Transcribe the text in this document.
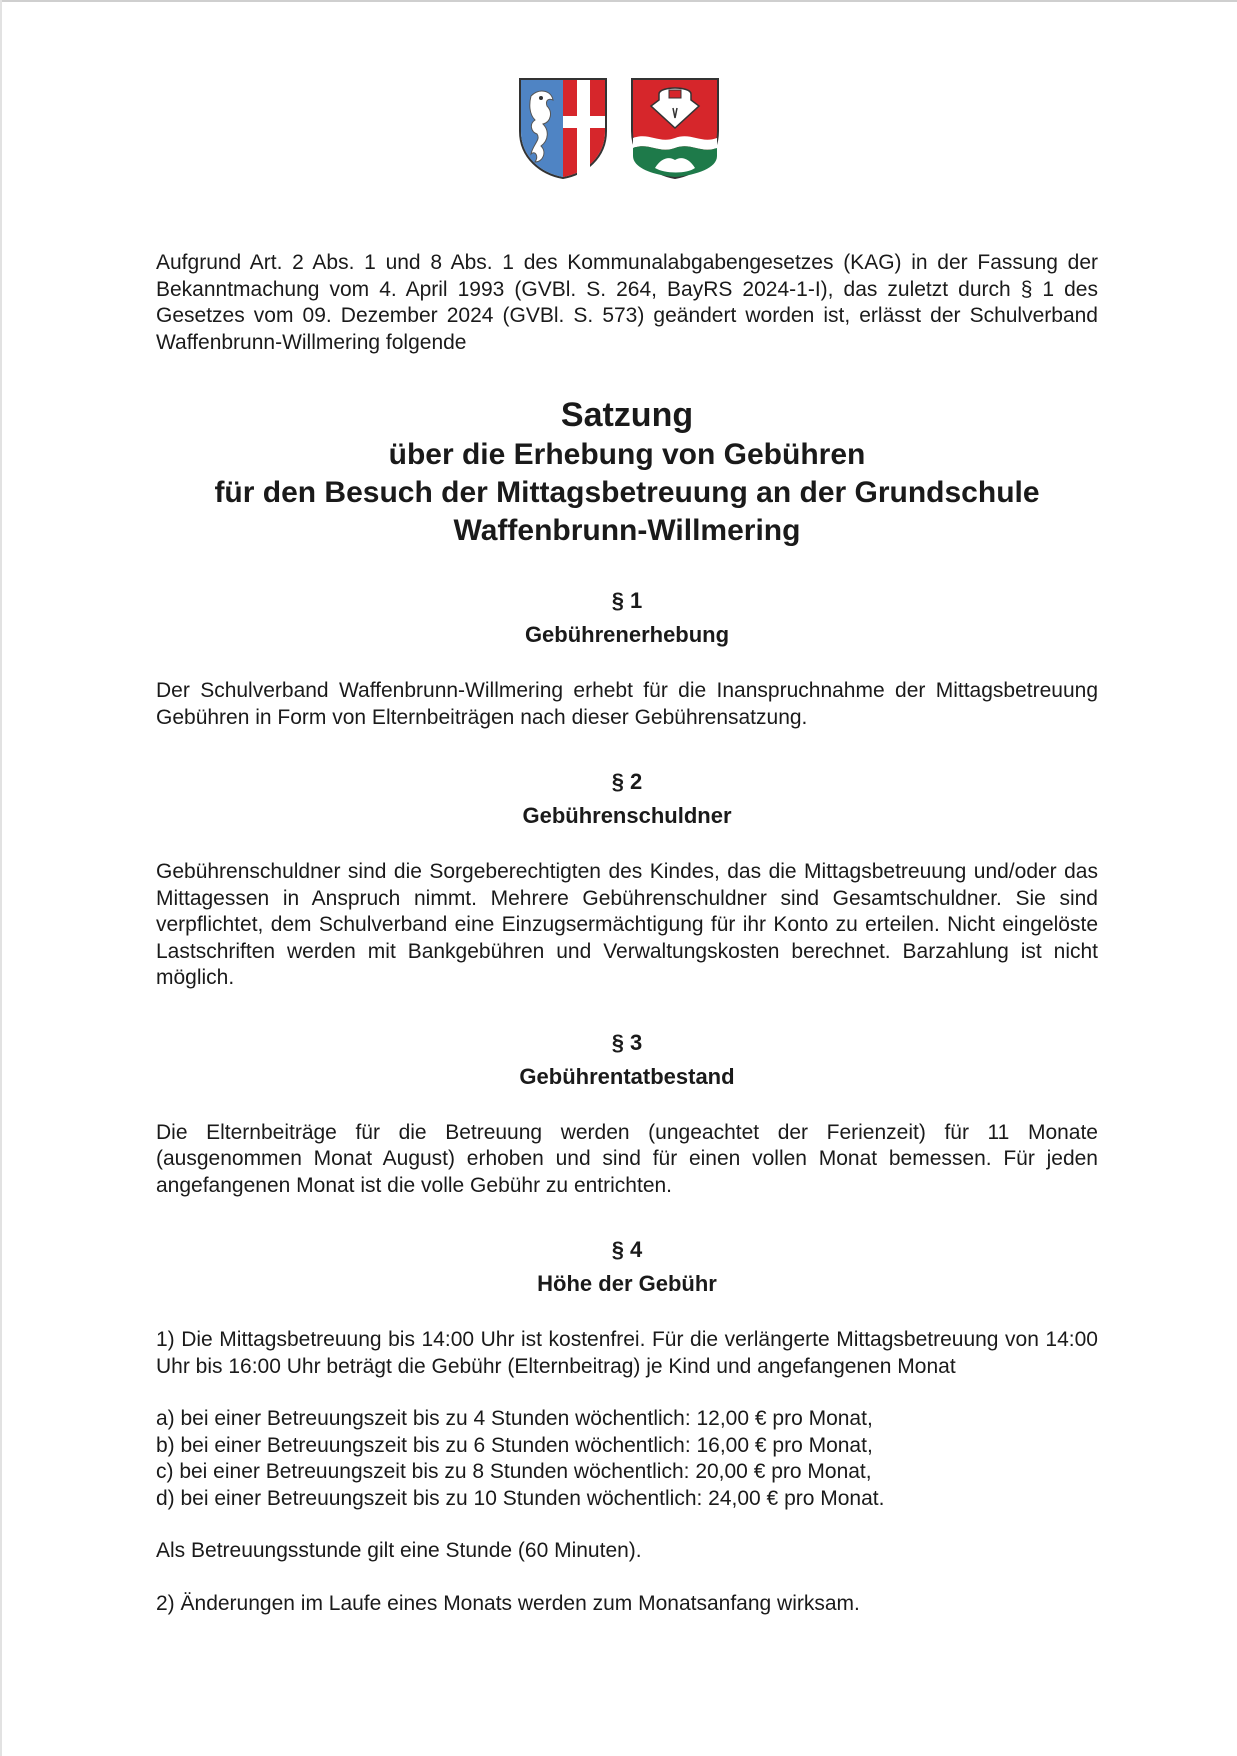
Aufgrund Art. 2 Abs. 1 und 8 Abs. 1 des Kommunalabgabengesetzes (KAG) in der Fassung der Bekanntmachung vom 4. April 1993 (GVBl. S. 264, BayRS 2024-1-I), das zuletzt durch § 1 des Gesetzes vom 09. Dezember 2024 (GVBl. S. 573) geändert worden ist, erlässt der Schulverband Waffenbrunn-Willmering folgende

Satzung
über die Erhebung von Gebühren
für den Besuch der Mittagsbetreuung an der Grundschule
Waffenbrunn-Willmering

§ 1

Gebührenerhebung

Der Schulverband Waffenbrunn-Willmering erhebt für die Inanspruchnahme der Mittagsbetreuung Gebühren in Form von Elternbeiträgen nach dieser Gebührensatzung.

§ 2

Gebührenschuldner

Gebührenschuldner sind die Sorgeberechtigten des Kindes, das die Mittagsbetreuung und/oder das Mittagessen in Anspruch nimmt. Mehrere Gebührenschuldner sind Gesamtschuldner. Sie sind verpflichtet, dem Schulverband eine Einzugsermächtigung für ihr Konto zu erteilen. Nicht eingelöste Lastschriften werden mit Bankgebühren und Verwaltungskosten berechnet. Barzahlung ist nicht möglich.

§ 3

Gebührentatbestand

Die Elternbeiträge für die Betreuung werden (ungeachtet der Ferienzeit) für 11 Monate (ausgenommen Monat August) erhoben und sind für einen vollen Monat bemessen. Für jeden angefangenen Monat ist die volle Gebühr zu entrichten.

§ 4

Höhe der Gebühr

1) Die Mittagsbetreuung bis 14:00 Uhr ist kostenfrei. Für die verlängerte Mittagsbetreuung von 14:00 Uhr bis 16:00 Uhr beträgt die Gebühr (Elternbeitrag) je Kind und angefangenen Monat

a) bei einer Betreuungszeit bis zu 4 Stunden wöchentlich: 12,00 € pro Monat,

b) bei einer Betreuungszeit bis zu 6 Stunden wöchentlich: 16,00 € pro Monat,

c) bei einer Betreuungszeit bis zu 8 Stunden wöchentlich: 20,00 € pro Monat,

d) bei einer Betreuungszeit bis zu 10 Stunden wöchentlich: 24,00 € pro Monat.

Als Betreuungsstunde gilt eine Stunde (60 Minuten).

2) Änderungen im Laufe eines Monats werden zum Monatsanfang wirksam.
